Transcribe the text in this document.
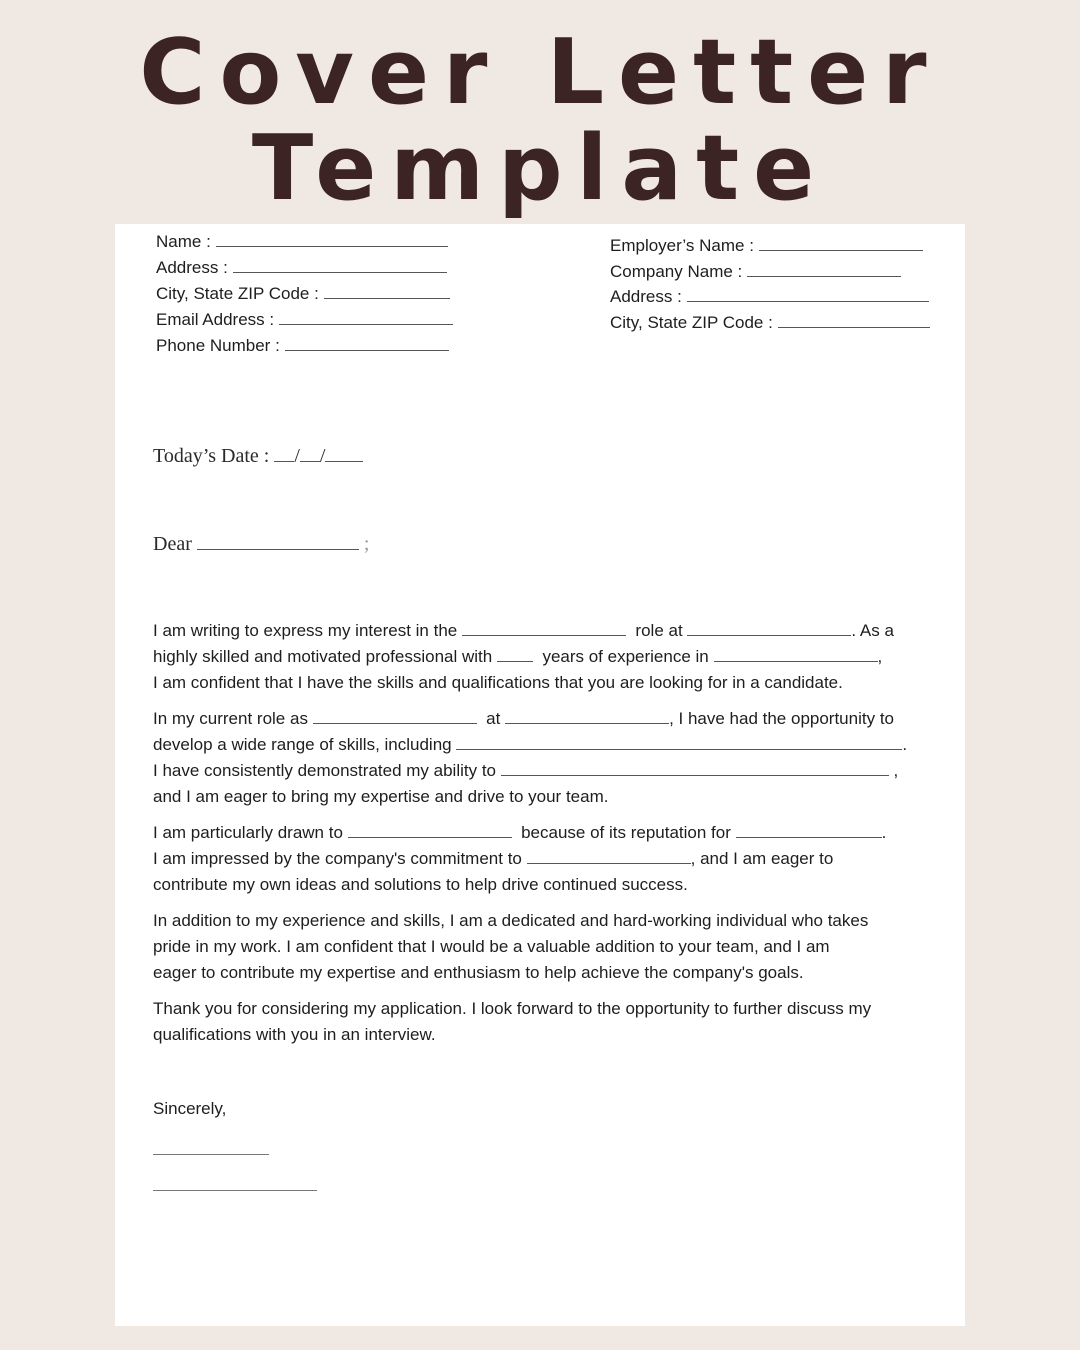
Cover Letter
Template
Name :
Address :
City, State ZIP Code :
Email Address :
Phone Number :
Employer’s Name :
Company Name :
Address :
City, State ZIP Code :
Today’s Date : / /
Dear	;
I am writing to express my interest in the	role at	. As a
highly skilled and motivated professional with	years of experience in	,
I am confident that I have the skills and qualifications that you are looking for in a candidate.
In my current role as	at	, I have had the opportunity to
develop a wide range of skills, including	.
I have consistently demonstrated my ability to	,
and I am eager to bring my expertise and drive to your team.
I am particularly drawn to	because of its reputation for	.
I am impressed by the company's commitment to	, and I am eager to
contribute my own ideas and solutions to help drive continued success.
In addition to my experience and skills, I am a dedicated and hard-working individual who takes
pride in my work. I am confident that I would be a valuable addition to your team, and I am
eager to contribute my expertise and enthusiasm to help achieve the company's goals.
Thank you for considering my application. I look forward to the opportunity to further discuss my
qualifications with you in an interview.
Sincerely,
